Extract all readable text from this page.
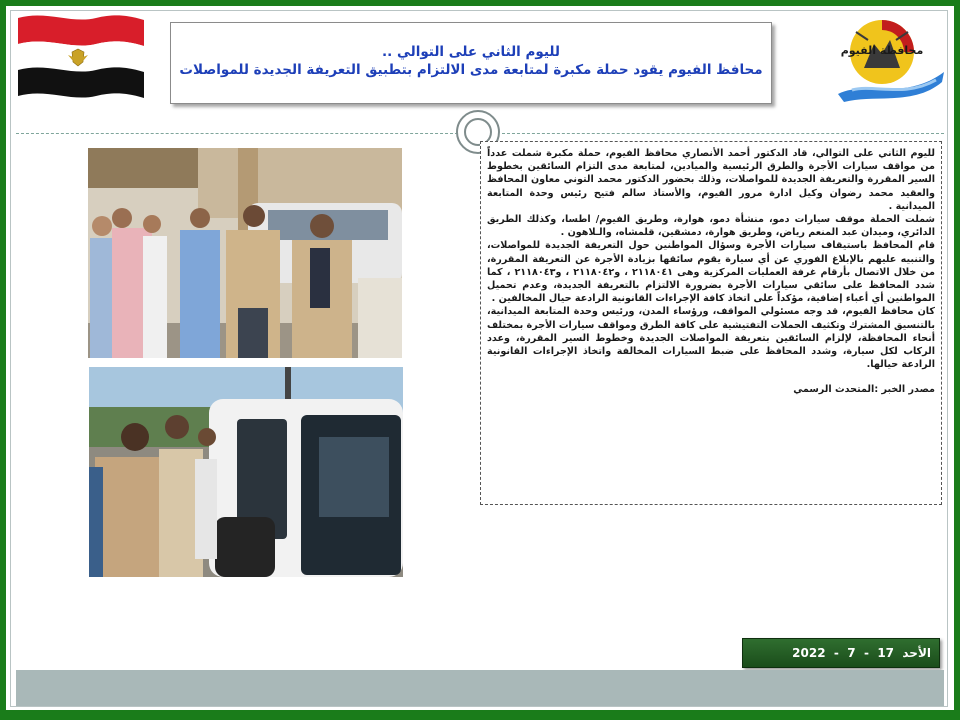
محافظة الفيوم
لليوم الثاني على التوالي ..
محافظ الفيوم يقود حملة مكبرة لمتابعة مدى الالتزام بتطبيق التعريفة الجديدة للمواصلات

لليوم الثاني على التوالي، قاد الدكتور أحمد الأنصاري محافظ الفيوم، حملة مكبرة شملت عدداً من مواقف سيارات الأجرة والطرق الرئيسية والميادين، لمتابعة مدى التزام السائقين بخطوط السير المقررة والتعريفة الجديدة للمواصلات، وذلك بحضور الدكتور محمد التوني معاون المحافظ والعقيد محمد رضوان وكيل ادارة مرور الفيوم، والأستاذ سالم فتيح رئيس وحدة المتابعة الميدانية .

شملت الحملة موقف سيارات دمو، منشأة دمو، هوارة، وطريق الفيوم/ اطسا، وكذلك الطريق الدائري، وميدان عبد المنعم رياض، وطريق هوارة، دمشقين، قلمشاه، والـلاهون .

قام المحافظ باستيقاف سيارات الأجرة وسؤال المواطنين حول التعريفة الجديدة للمواصلات، والتنبيه عليهم بالإبلاغ الفوري عن أي سيارة يقوم سائقها بزيادة الأجرة عن التعريفة المقررة، من خلال الاتصال بأرقام غرفة العمليات المركزية وهى ٢١١٨٠٤١ ، و٢١١٨٠٤٢ ، و٢١١٨٠٤٣ ، كما شدد المحافظ على سائقي سيارات الأجرة بضرورة الالتزام بالتعريفة الجديدة، وعدم تحميل المواطنين أي أعباء إضافية، مؤكداً على اتخاذ كافة الإجراءات القانونية الرادعة حيال المخالفين .

كان محافظ الفيوم، قد وجه مسئولي المواقف، ورؤساء المدن، ورئيس وحدة المتابعة الميدانية، بالتنسيق المشترك وتكثيف الحملات التفتيشية على كافة الطرق ومواقف سيارات الأجرة بمختلف أنحاء المحافظة، لإلزام السائقين بتعريفة المواصلات الجديدة وخطوط السير المقررة، وعدد الركاب لكل سيارة، وشدد المحافظ على ضبط السيارات المخالفة واتخاذ الإجراءات القانونية الرادعة حيالها.

مصدر الخبر :المتحدث الرسمي

الأحد  17  -  7  -  2022
